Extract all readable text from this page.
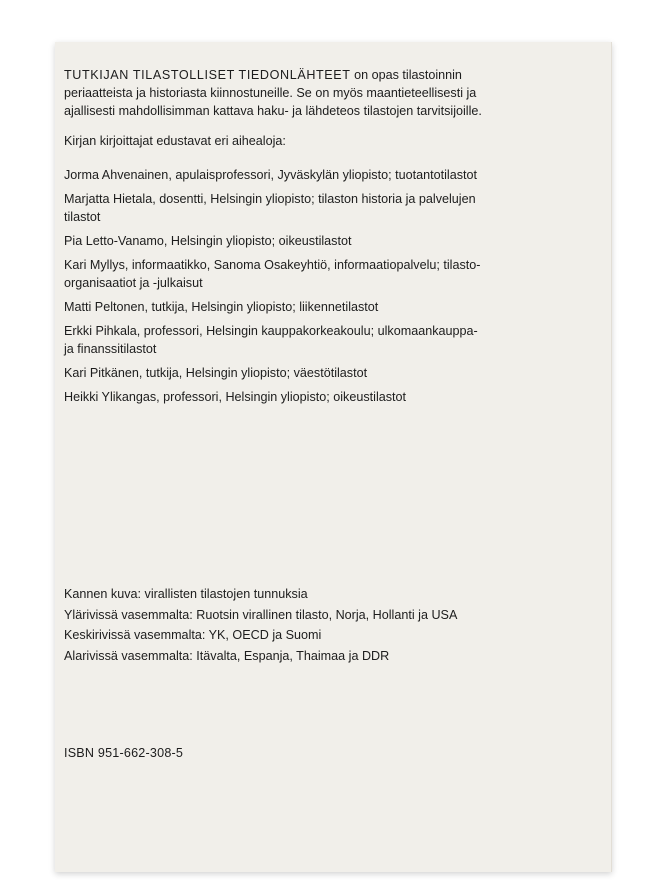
TUTKIJAN TILASTOLLISET TIEDONLÄHTEET on opas tilastoinnin periaatteista ja historiasta kiinnostuneille. Se on myös maantieteellisesti ja ajallisesti mahdollisimman kattava haku- ja lähdeteos tilastojen tarvitsijoille.

Kirjan kirjoittajat edustavat eri aihealoja:

Jorma Ahvenainen, apulaisprofessori, Jyväskylän yliopisto; tuotantotilastot

Marjatta Hietala, dosentti, Helsingin yliopisto; tilaston historia ja palvelujen tilastot

Pia Letto-Vanamo, Helsingin yliopisto; oikeustilastot

Kari Myllys, informaatikko, Sanoma Osakeyhtiö, informaatiopalvelu; tilasto-organisaatiot ja -julkaisut

Matti Peltonen, tutkija, Helsingin yliopisto; liikennetilastot

Erkki Pihkala, professori, Helsingin kauppakorkeakoulu; ulkomaankauppa- ja finanssitilastot

Kari Pitkänen, tutkija, Helsingin yliopisto; väestötilastot

Heikki Ylikangas, professori, Helsingin yliopisto; oikeustilastot

Kannen kuva: virallisten tilastojen tunnuksia

Ylärivissä vasemmalta: Ruotsin virallinen tilasto, Norja, Hollanti ja USA

Keskirivissä vasemmalta: YK, OECD ja Suomi

Alarivissä vasemmalta: Itävalta, Espanja, Thaimaa ja DDR

ISBN 951-662-308-5
